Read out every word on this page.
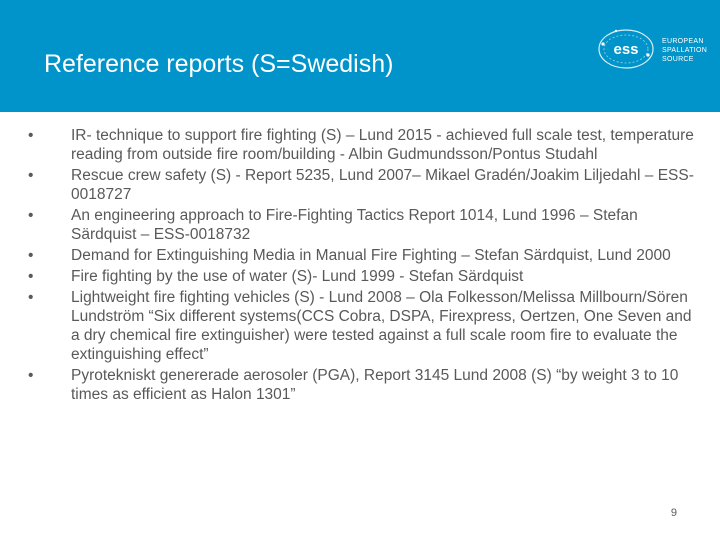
Reference reports (S=Swedish)
ess	EUROPEAN
SPALLATION
SOURCE
• IR- technique to support fire fighting (S) – Lund 2015 - achieved full scale test, temperature reading from outside fire room/building - Albin Gudmundsson/Pontus Studahl
• Rescue crew safety (S) - Report 5235, Lund 2007– Mikael Gradén/Joakim Liljedahl – ESS-0018727
• An engineering approach to Fire-Fighting Tactics Report 1014, Lund 1996 – Stefan Särdquist – ESS-0018732
• Demand for Extinguishing Media in Manual Fire Fighting – Stefan Särdquist, Lund 2000
• Fire fighting by the use of water (S)- Lund 1999 - Stefan Särdquist
• Lightweight fire fighting vehicles (S) - Lund 2008 – Ola Folkesson/Melissa Millbourn/Sören Lundström “Six different systems(CCS Cobra, DSPA, Firexpress, Oertzen, One Seven and a dry chemical fire extinguisher) were tested against a full scale room fire to evaluate the extinguishing effect”
• Pyrotekniskt genererade aerosoler (PGA), Report 3145 Lund 2008 (S) “by weight 3 to 10 times as efficient as Halon 1301”
9
